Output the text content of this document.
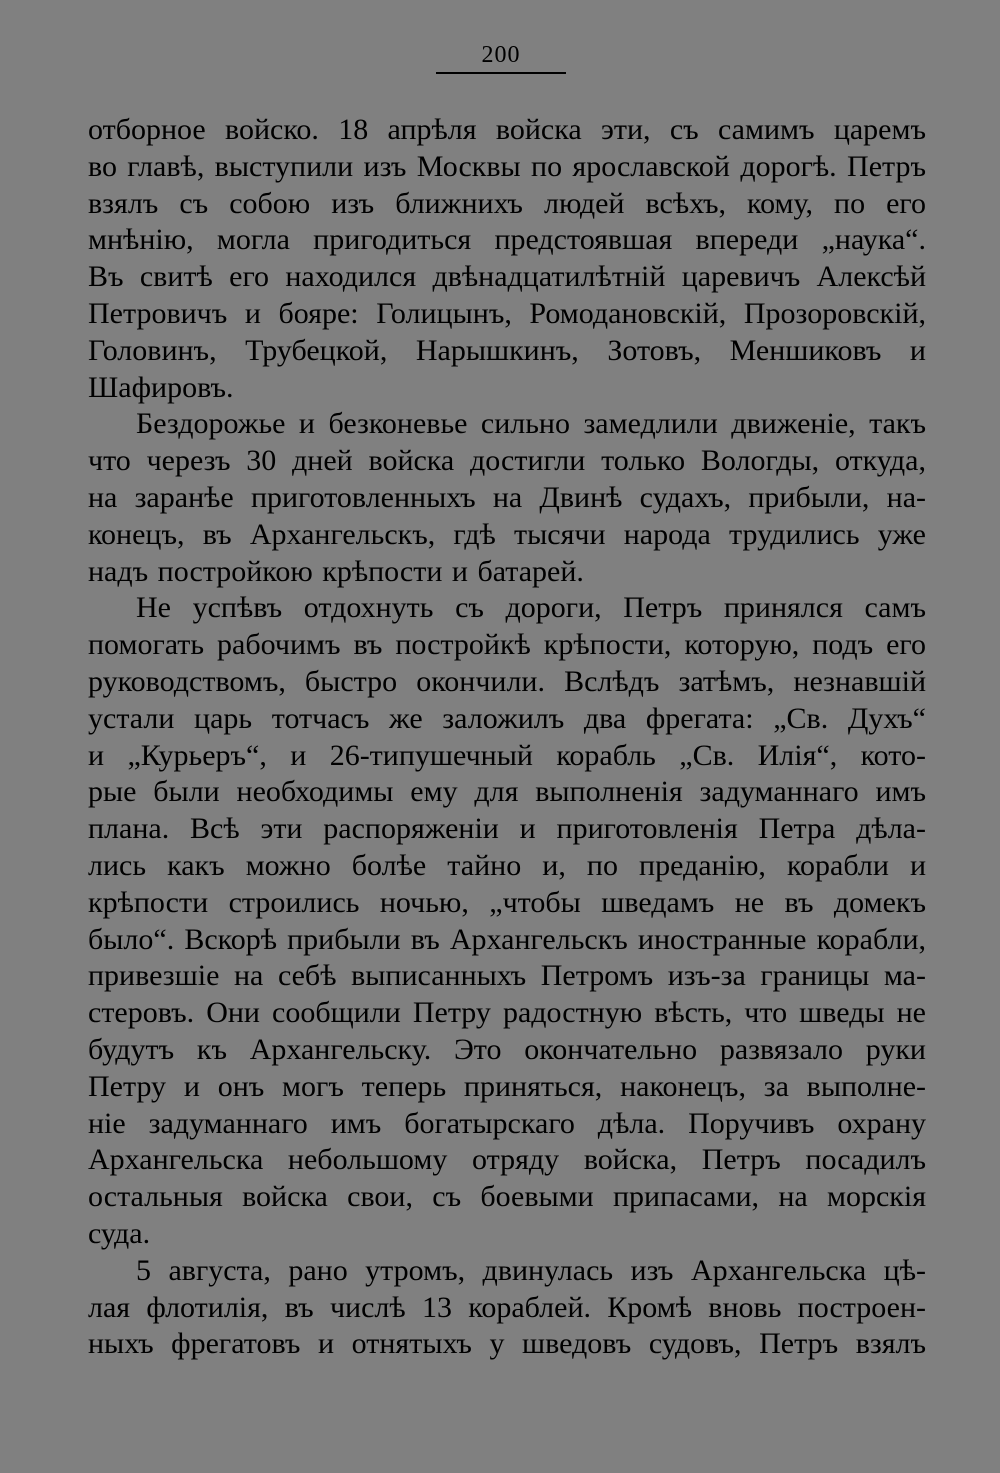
200
отборное войско. 18 апрѣля войска эти, съ самимъ царемъ
во главѣ, выступили изъ Москвы по ярославской дорогѣ. Петръ
взялъ съ собою изъ ближнихъ людей всѣхъ, кому, по его
мнѣнію, могла пригодиться предстоявшая впереди „наука“.
Въ свитѣ его находился двѣнадцатилѣтній царевичъ Алексѣй
Петровичъ и бояре: Голицынъ, Ромодановскій, Прозоровскій,
Головинъ, Трубецкой, Нарышкинъ, Зотовъ, Меншиковъ и
Шафировъ.
Бездорожье и безконевье сильно замедлили движеніе, такъ
что черезъ 30 дней войска достигли только Вологды, откуда,
на заранѣе приготовленныхъ на Двинѣ судахъ, прибыли, на-
конецъ, въ Архангельскъ, гдѣ тысячи народа трудились уже
надъ постройкою крѣпости и батарей.
Не успѣвъ отдохнуть съ дороги, Петръ принялся самъ
помогать рабочимъ въ постройкѣ крѣпости, которую, подъ его
руководствомъ, быстро окончили. Вслѣдъ затѣмъ, незнавшій
устали царь тотчасъ же заложилъ два фрегата: „Св. Духъ“
и „Курьеръ“, и 26-типушечный корабль „Св. Илія“, кото-
рые были необходимы ему для выполненія задуманнаго имъ
плана. Всѣ эти распоряженіи и приготовленія Петра дѣла-
лись какъ можно болѣе тайно и, по преданію, корабли и
крѣпости строились ночью, „чтобы шведамъ не въ домекъ
было“. Вскорѣ прибыли въ Архангельскъ иностранные корабли,
привезшіе на себѣ выписанныхъ Петромъ изъ-за границы ма-
стеровъ. Они сообщили Петру радостную вѣсть, что шведы не
будутъ къ Архангельску. Это окончательно развязало руки
Петру и онъ могъ теперь приняться, наконецъ, за выполне-
ніе задуманнаго имъ богатырскаго дѣла. Поручивъ охрану
Архангельска небольшому отряду войска, Петръ посадилъ
остальныя войска свои, съ боевыми припасами, на морскія
суда.
5 августа, рано утромъ, двинулась изъ Архангельска цѣ-
лая флотилія, въ числѣ 13 кораблей. Кромѣ вновь построен-
ныхъ фрегатовъ и отнятыхъ у шведовъ судовъ, Петръ взялъ
